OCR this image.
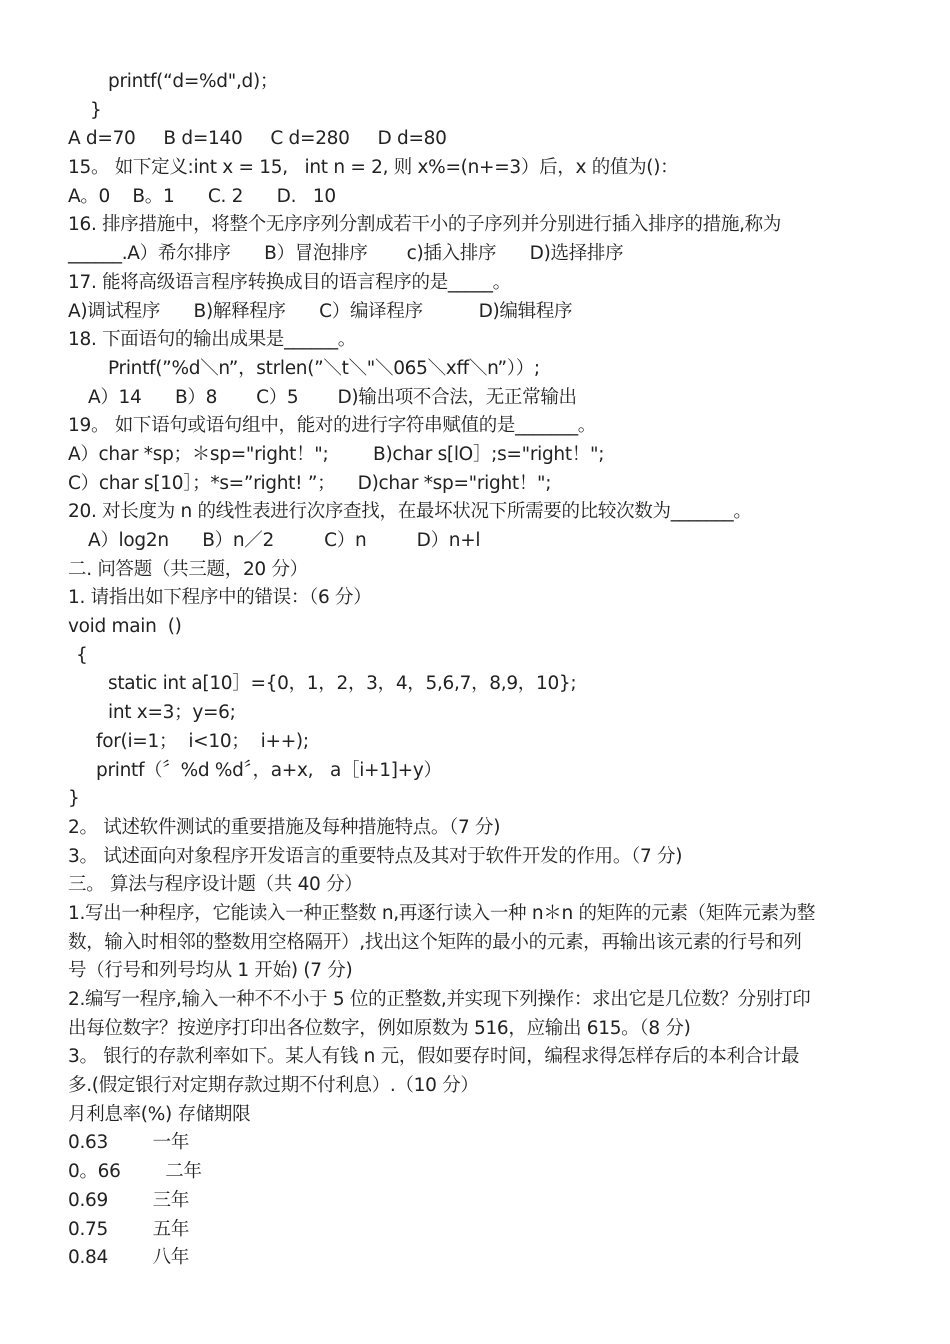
printf(“d=%d",d)；
}
A d=70     B d=140     C d=280     D d=80
15。 如下定义:int x = 15,   int n = 2, 则 x%=(n+=3）后，x 的值为()：
A。0    B。1      C. 2      D.   10
16. 排序措施中，将整个无序序列分割成若干小的子序列并分别进行插入排序的措施,称为
______.A）希尔排序      B）冒泡排序       c)插入排序      D)选择排序
17. 能将高级语言程序转换成目的语言程序的是_____。
A)调试程序      B)解释程序      C）编译程序          D)编辑程序
18. 下面语句的输出成果是______。
Printf(”%d＼n”，strlen(”＼t＼"＼065＼xff＼n”））;
A）14      B）8       C）5       D)输出项不合法，无正常输出
19。 如下语句或语句组中，能对的进行字符串赋值的是_______。
A）char *sp；＊sp="right！";        B)char s[lO］;s="right！";
C）char s[10］；*s=”right! ”；    D)char *sp="right！";
20. 对长度为 n 的线性表进行次序查找，在最坏状况下所需要的比较次数为_______。
A）log2n      B）n／2         C）n         D）n+l
二. 问答题（共三题，20 分）
1. 请指出如下程序中的错误：（6 分）
void main  ()
{
static int a[10］={0，1，2，3，4，5,6,7，8,9，10};
int x=3；y=6;
for(i=1；  i<10；  i++);
printf（〞%d %d〞，a+x,   a［i+1]+y）
}
2。 试述软件测试的重要措施及每种措施特点。（7 分)
3。 试述面向对象程序开发语言的重要特点及其对于软件开发的作用。（7 分)
三。 算法与程序设计题（共 40 分）
1.写出一种程序，它能读入一种正整数 n,再逐行读入一种 n＊n 的矩阵的元素（矩阵元素为整
数，输入时相邻的整数用空格隔开）,找出这个矩阵的最小的元素，再输出该元素的行号和列
号（行号和列号均从 1 开始) (7 分)
2.编写一程序,输入一种不不小于 5 位的正整数,并实现下列操作：求出它是几位数？分别打印
出每位数字？按逆序打印出各位数字，例如原数为 516，应输出 615。（8 分)
3。 银行的存款利率如下。某人有钱 n 元，假如要存时间，编程求得怎样存后的本利合计最
多.(假定银行对定期存款过期不付利息）.（10 分）
月利息率(%) 存储期限
0.63        一年
0。66        二年
0.69        三年
0.75        五年
0.84        八年
